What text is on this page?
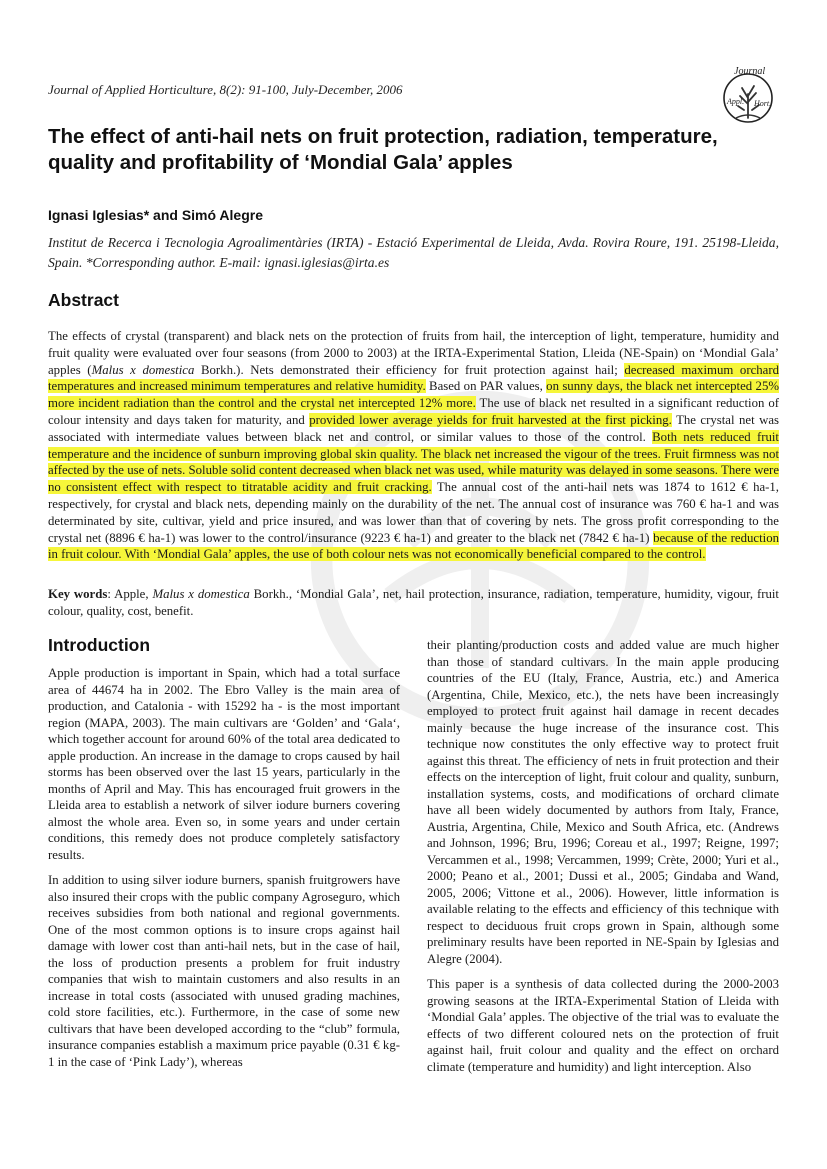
Journal of Applied Horticulture, 8(2): 91-100, July-December, 2006
Journal
Appl. Hort.
The effect of anti-hail nets on fruit protection, radiation, temperature, quality and profitability of ‘Mondial Gala’ apples

Ignasi Iglesias* and Simó Alegre

Institut de Recerca i Tecnologia Agroalimentàries (IRTA) - Estació Experimental de Lleida, Avda. Rovira Roure, 191. 25198-Lleida, Spain. *Corresponding author. E-mail: ignasi.iglesias@irta.es

Abstract

The effects of crystal (transparent) and black nets on the protection of fruits from hail, the interception of light, temperature, humidity and fruit quality were evaluated over four seasons (from 2000 to 2003) at the IRTA-Experimental Station, Lleida (NE-Spain) on ‘Mondial Gala’ apples (Malus x domestica Borkh.). Nets demonstrated their efficiency for fruit protection against hail; decreased maximum orchard temperatures and increased minimum temperatures and relative humidity. Based on PAR values, on sunny days, the black net intercepted 25% more incident radiation than the control and the crystal net intercepted 12% more. The use of black net resulted in a significant reduction of colour intensity and days taken for maturity, and provided lower average yields for fruit harvested at the first picking. The crystal net was associated with intermediate values between black net and control, or similar values to those of the control. Both nets reduced fruit temperature and the incidence of sunburn improving global skin quality. The black net increased the vigour of the trees. Fruit firmness was not affected by the use of nets. Soluble solid content decreased when black net was used, while maturity was delayed in some seasons. There were no consistent effect with respect to titratable acidity and fruit cracking. The annual cost of the anti-hail nets was 1874 to 1612 € ha-1, respectively, for crystal and black nets, depending mainly on the durability of the net. The annual cost of insurance was 760 € ha-1 and was determinated by site, cultivar, yield and price insured, and was lower than that of covering by nets. The gross profit corresponding to the crystal net (8896 € ha-1) was lower to the control/insurance (9223 € ha-1) and greater to the black net (7842 € ha-1) because of the reduction in fruit colour. With ‘Mondial Gala’ apples, the use of both colour nets was not economically beneficial compared to the control.

Key words: Apple, Malus x domestica Borkh., ‘Mondial Gala’, net, hail protection, insurance, radiation, temperature, humidity, vigour, fruit colour, quality, cost, benefit.

Introduction

Apple production is important in Spain, which had a total surface area of 44674 ha in 2002. The Ebro Valley is the main area of production, and Catalonia - with 15292 ha - is the most important region (MAPA, 2003). The main cultivars are ‘Golden’ and ‘Gala‘, which together account for around 60% of the total area dedicated to apple production. An increase in the damage to crops caused by hail storms has been observed over the last 15 years, particularly in the months of April and May. This has encouraged fruit growers in the Lleida area to establish a network of silver iodure burners covering almost the whole area. Even so, in some years and under certain conditions, this remedy does not produce completely satisfactory results.

In addition to using silver iodure burners, spanish fruitgrowers have also insured their crops with the public company Agroseguro, which receives subsidies from both national and regional governments. One of the most common options is to insure crops against hail damage with lower cost than anti-hail nets, but in the case of hail, the loss of production presents a problem for fruit industry companies that wish to maintain customers and also results in an increase in total costs (associated with unused grading machines, cold store facilities, etc.). Furthermore, in the case of some new cultivars that have been developed according to the “club” formula, insurance companies establish a maximum price payable (0.31 € kg-1 in the case of ‘Pink Lady’), whereas

their planting/production costs and added value are much higher than those of standard cultivars. In the main apple producing countries of the EU (Italy, France, Austria, etc.) and America (Argentina, Chile, Mexico, etc.), the nets have been increasingly employed to protect fruit against hail damage in recent decades mainly because the huge increase of the insurance cost. This technique now constitutes the only effective way to protect fruit against this threat. The efficiency of nets in fruit protection and their effects on the interception of light, fruit colour and quality, sunburn, installation systems, costs, and modifications of orchard climate have all been widely documented by authors from Italy, France, Austria, Argentina, Chile, Mexico and South Africa, etc. (Andrews and Johnson, 1996; Bru, 1996; Coreau et al., 1997; Reigne, 1997; Vercammen et al., 1998; Vercammen, 1999; Crète, 2000; Yuri et al., 2000; Peano et al., 2001; Dussi et al., 2005; Gindaba and Wand, 2005, 2006; Vittone et al., 2006). However, little information is available relating to the effects and efficiency of this technique with respect to deciduous fruit crops grown in Spain, although some preliminary results have been reported in NE-Spain by Iglesias and Alegre (2004).

This paper is a synthesis of data collected during the 2000-2003 growing seasons at the IRTA-Experimental Station of Lleida with ‘Mondial Gala’ apples. The objective of the trial was to evaluate the effects of two different coloured nets on the protection of fruit against hail, fruit colour and quality and the effect on orchard climate (temperature and humidity) and light interception. Also
